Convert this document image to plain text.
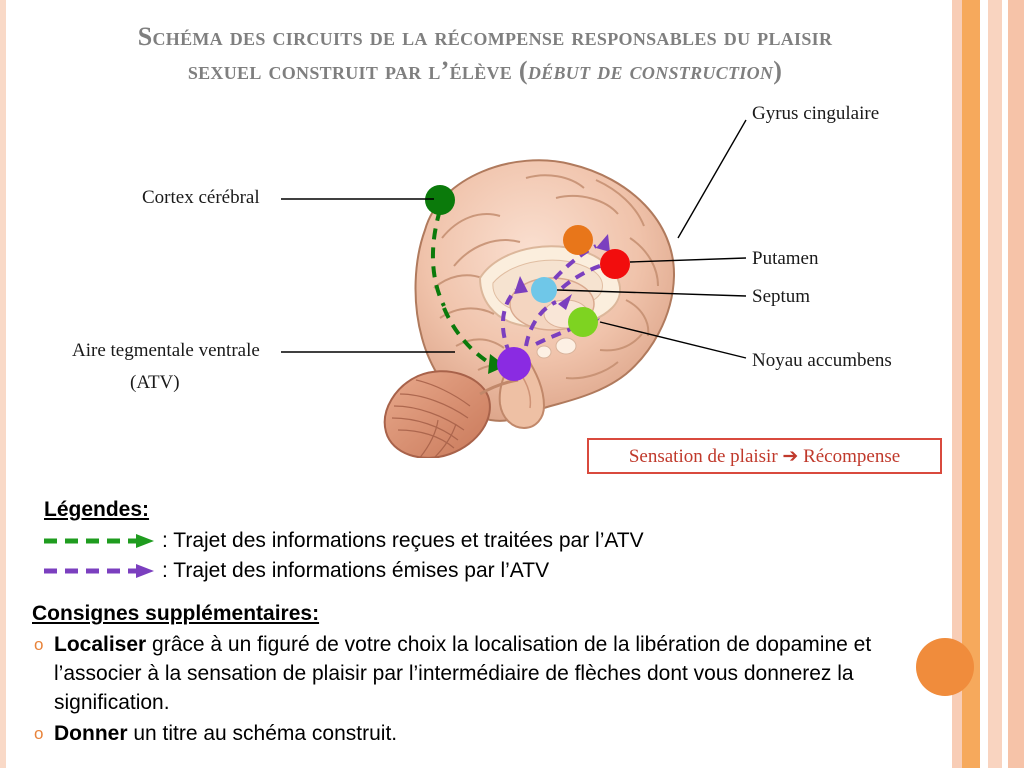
Schéma des circuits de la récompense responsables du plaisir
sexuel construit par l’élève (début de construction)
Cortex cérébral
Aire tegmentale ventrale
(ATV)
Gyrus cingulaire
Putamen
Septum
Noyau accumbens
Sensation de plaisir ➔ Récompense
Légendes:
: Trajet des informations reçues et traitées par l’ATV
: Trajet des informations émises par l’ATV
Consignes supplémentaires:
o Localiser grâce à un figuré de votre choix la localisation de la libération de dopamine et l’associer à la sensation de plaisir par l’intermédiaire de flèches dont vous donnerez la signification.
o Donner un titre au schéma construit.
